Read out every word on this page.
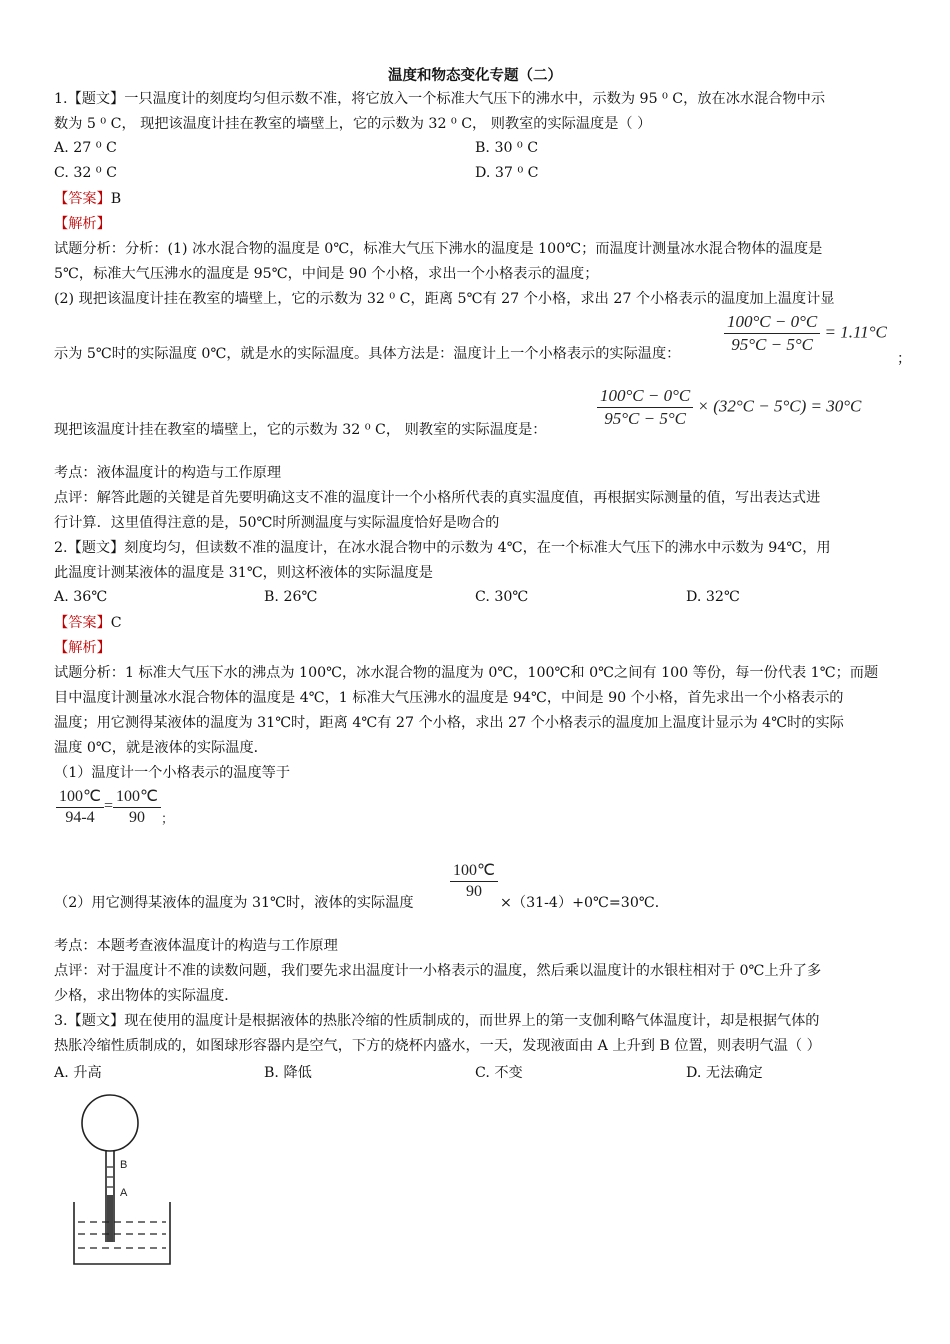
温度和物态变化专题（二）
1.【题文】一只温度计的刻度均匀但示数不准，将它放入一个标准大气压下的沸水中，示数为 95 ⁰ C，放在冰水混合物中示
数为 5 ⁰ C， 现把该温度计挂在教室的墙壁上，它的示数为 32 ⁰ C， 则教室的实际温度是（ ）
A. 27 ⁰ C	B. 30 ⁰ C
C. 32 ⁰ C	D. 37 ⁰ C
【答案】B
【解析】
试题分析：分析：(1) 冰水混合物的温度是 0℃，标准大气压下沸水的温度是 100℃；而温度计测量冰水混合物体的温度是
5℃，标准大气压沸水的温度是 95℃，中间是 90 个小格，求出一个小格表示的温度；
(2) 现把该温度计挂在教室的墙壁上，它的示数为 32 ⁰ C，距离 5℃有 27 个小格，求出 27 个小格表示的温度加上温度计显
示为 5℃时的实际温度 0℃，就是水的实际温度。具体方法是：温度计上一个小格表示的实际温度：	$\frac{100^\circ C - 0^\circ C}{95^\circ C - 5^\circ C} = 1.11^\circ C$
；
现把该温度计挂在教室的墙壁上，它的示数为 32 ⁰ C， 则教室的实际温度是：
$\frac{100^\circ C - 0^\circ C}{95^\circ C - 5^\circ C} \times (32^\circ C - 5^\circ C) = 30^\circ C$
考点：液体温度计的构造与工作原理
点评：解答此题的关键是首先要明确这支不准的温度计一个小格所代表的真实温度值，再根据实际测量的值，写出表达式进
行计算．这里值得注意的是，50℃时所测温度与实际温度恰好是吻合的
2.【题文】刻度均匀，但读数不准的温度计，在冰水混合物中的示数为 4℃，在一个标准大气压下的沸水中示数为 94℃，用
此温度计测某液体的温度是 31℃，则这杯液体的实际温度是
A. 36℃	B. 26℃	C. 30℃	D. 32℃
【答案】C
【解析】
试题分析：1 标准大气压下水的沸点为 100℃，冰水混合物的温度为 0℃，100℃和 0℃之间有 100 等份，每一份代表 1℃；而题
目中温度计测量冰水混合物体的温度是 4℃，1 标准大气压沸水的温度是 94℃，中间是 90 个小格，首先求出一个小格表示的
温度；用它测得某液体的温度为 31℃时，距离 4℃有 27 个小格，求出 27 个小格表示的温度加上温度计显示为 4℃时的实际
温度 0℃，就是液体的实际温度．
（1）温度计一个小格表示的温度等于
$\frac{100℃}{94-4} = \frac{100℃}{90}$ ；
（2）用它测得某液体的温度为 31℃时，液体的实际温度
$\frac{100℃}{90}$
×（31-4）+0℃=30℃．
考点：本题考查液体温度计的构造与工作原理
点评：对于温度计不准的读数问题，我们要先求出温度计一小格表示的温度，然后乘以温度计的水银柱相对于 0℃上升了多
少格，求出物体的实际温度．
3.【题文】现在使用的温度计是根据液体的热胀冷缩的性质制成的，而世界上的第一支伽利略气体温度计，却是根据气体的
热胀冷缩性质制成的，如图球形容器内是空气，下方的烧杯内盛水，一天，发现液面由 A 上升到 B 位置，则表明气温（ ）
A. 升高	B. 降低	C. 不变	D. 无法确定
B
A
